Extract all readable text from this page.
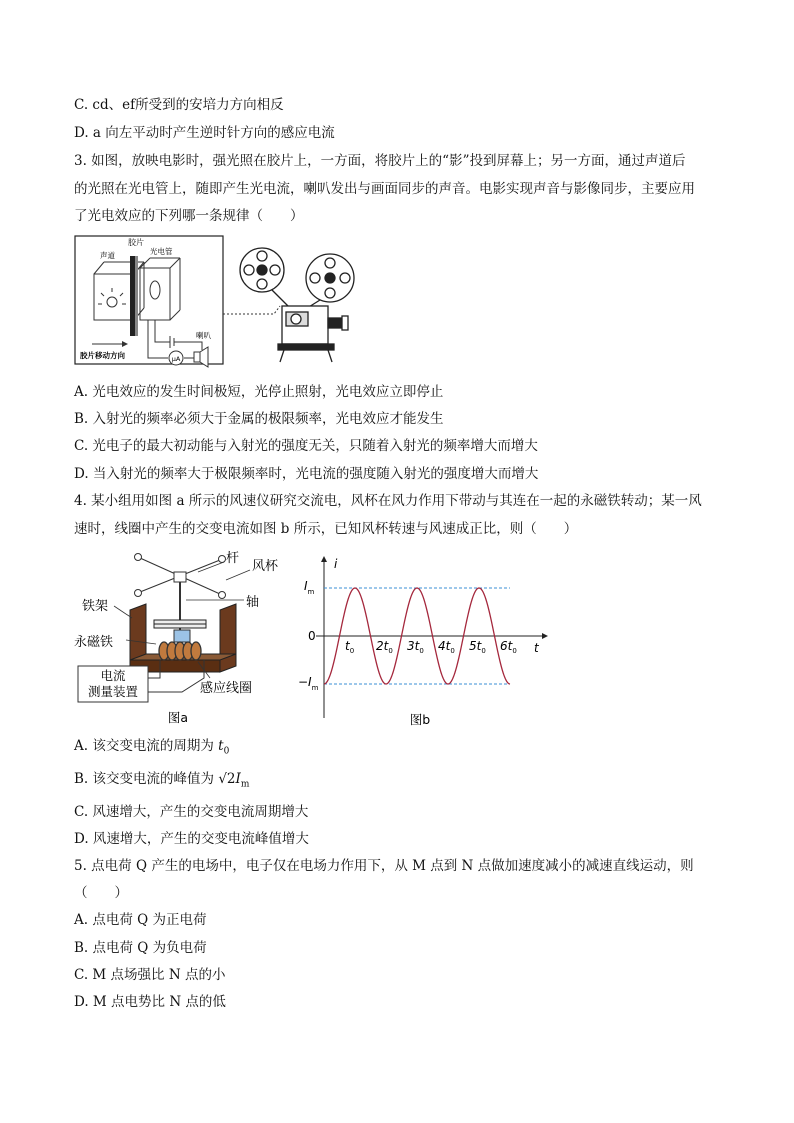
C. cd、ef所受到的安培力方向相反
D. a 向左平动时产生逆时针方向的感应电流
3. 如图，放映电影时，强光照在胶片上，一方面，将胶片上的“影”投到屏幕上；另一方面，通过声道后
的光照在光电管上，随即产生光电流，喇叭发出与画面同步的声音。电影实现声音与影像同步，主要应用
了光电效应的下列哪一条规律（　　）
μA
胶片
声道	光电管
喇叭
胶片移动方向
A. 光电效应的发生时间极短，光停止照射，光电效应立即停止
B. 入射光的频率必须大于金属的极限频率，光电效应才能发生
C. 光电子的最大初动能与入射光的强度无关，只随着入射光的频率增大而增大
D. 当入射光的频率大于极限频率时，光电流的强度随入射光的强度增大而增大
4. 某小组用如图 a 所示的风速仪研究交流电，风杯在风力作用下带动与其连在一起的永磁铁转动；某一风
速时，线圈中产生的交变电流如图 b 所示，已知风杯转速与风速成正比，则（　　）
杆
风杯
轴
铁架
永磁铁
感应线圈
电流
测量装置
图a
i
t
0
$I_m$
$-I_m$
$t_0$ $2t_0$ $3t_0$ $4t_0$ $5t_0$ $6t_0$
图b
A. 该交变电流的周期为 $t_0$
B. 该交变电流的峰值为 $√2I_m$
C. 风速增大，产生的交变电流周期增大
D. 风速增大，产生的交变电流峰值增大
5. 点电荷 Q 产生的电场中，电子仅在电场力作用下，从 M 点到 N 点做加速度减小的减速直线运动，则
（　　）
A. 点电荷 Q 为正电荷
B. 点电荷 Q 为负电荷
C. M 点场强比 N 点的小
D. M 点电势比 N 点的低
